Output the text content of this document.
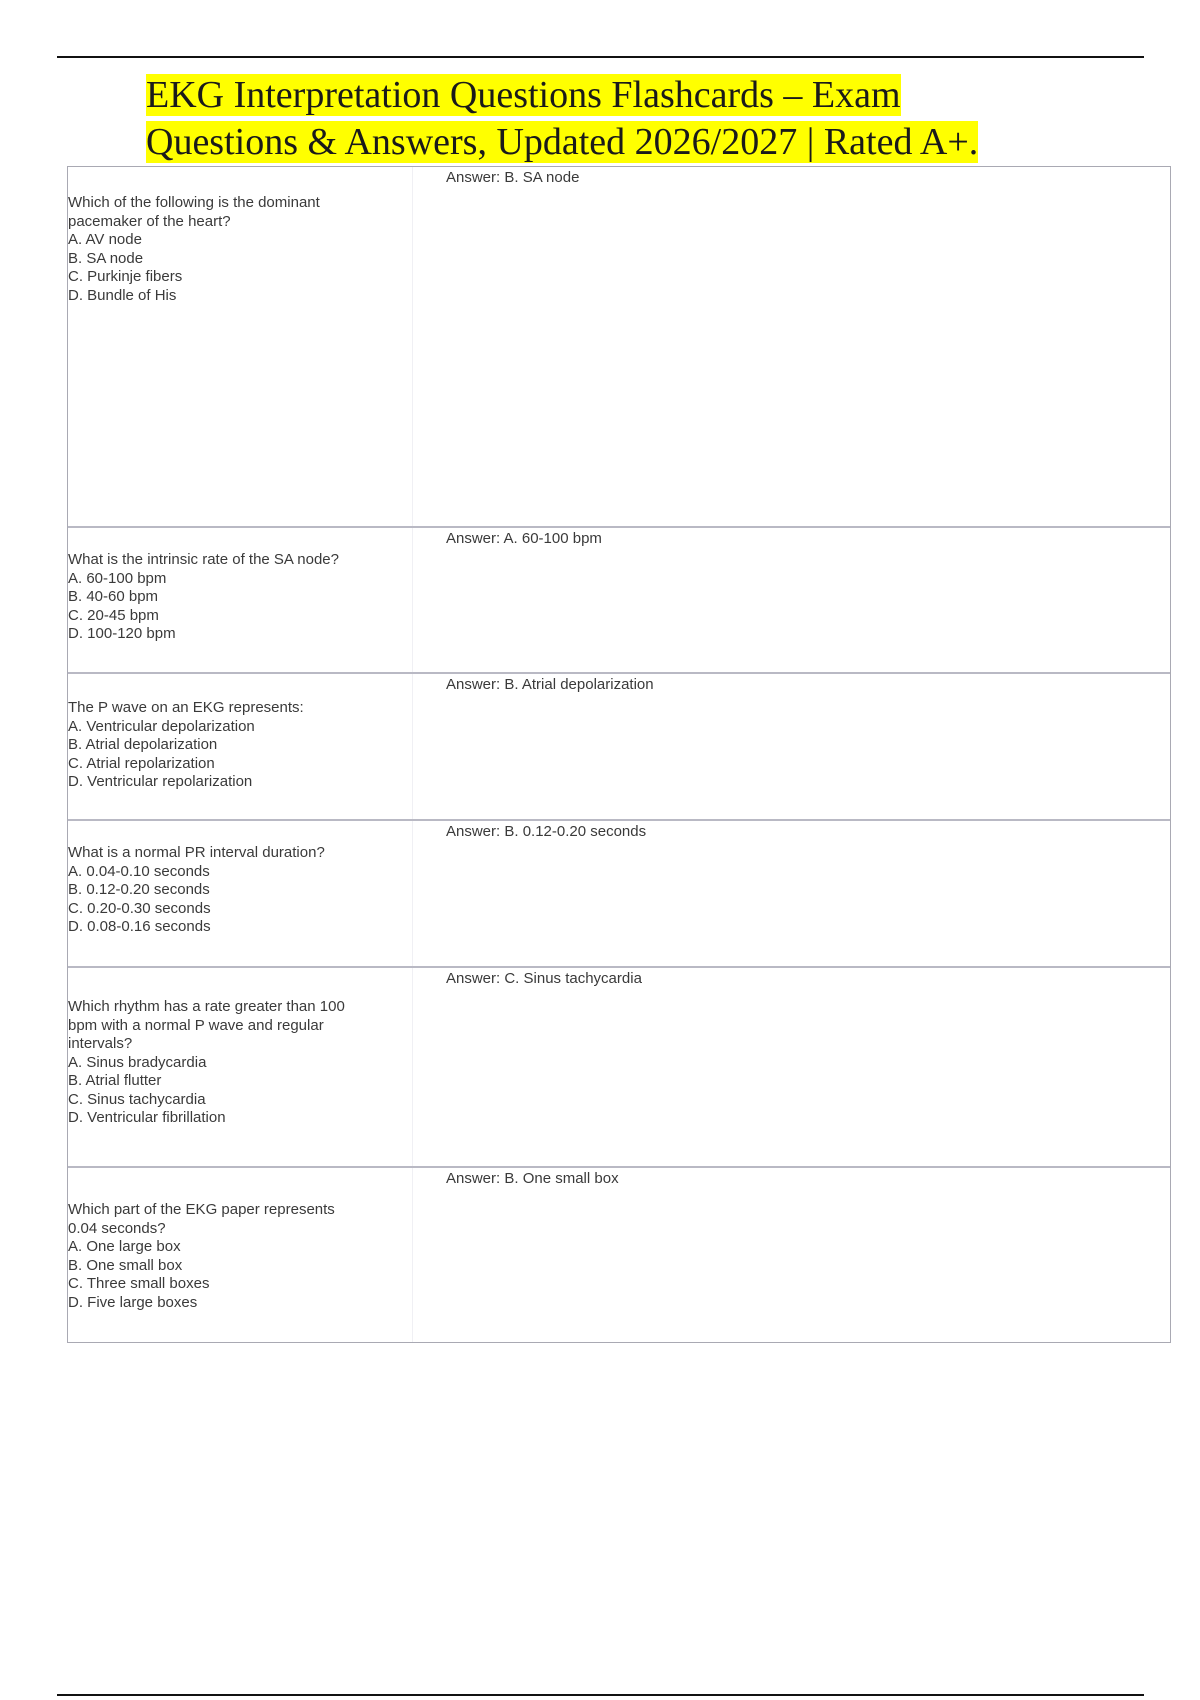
EKG Interpretation Questions Flashcards – Exam
Questions & Answers, Updated 2026/2027 | Rated A+.

Which of the following is the dominant

pacemaker of the heart?

A. AV node

B. SA node

C. Purkinje fibers

D. Bundle of His

Answer: B. SA node

What is the intrinsic rate of the SA node?

A. 60-100 bpm

B. 40-60 bpm

C. 20-45 bpm

D. 100-120 bpm

Answer: A. 60-100 bpm

The P wave on an EKG represents:

A. Ventricular depolarization

B. Atrial depolarization

C. Atrial repolarization

D. Ventricular repolarization

Answer: B. Atrial depolarization

What is a normal PR interval duration?

A. 0.04-0.10 seconds

B. 0.12-0.20 seconds

C. 0.20-0.30 seconds

D. 0.08-0.16 seconds

Answer: B. 0.12-0.20 seconds

Which rhythm has a rate greater than 100

bpm with a normal P wave and regular

intervals?

A. Sinus bradycardia

B. Atrial flutter

C. Sinus tachycardia

D. Ventricular fibrillation

Answer: C. Sinus tachycardia

Which part of the EKG paper represents

0.04 seconds?

A. One large box

B. One small box

C. Three small boxes

D. Five large boxes

Answer: B. One small box
